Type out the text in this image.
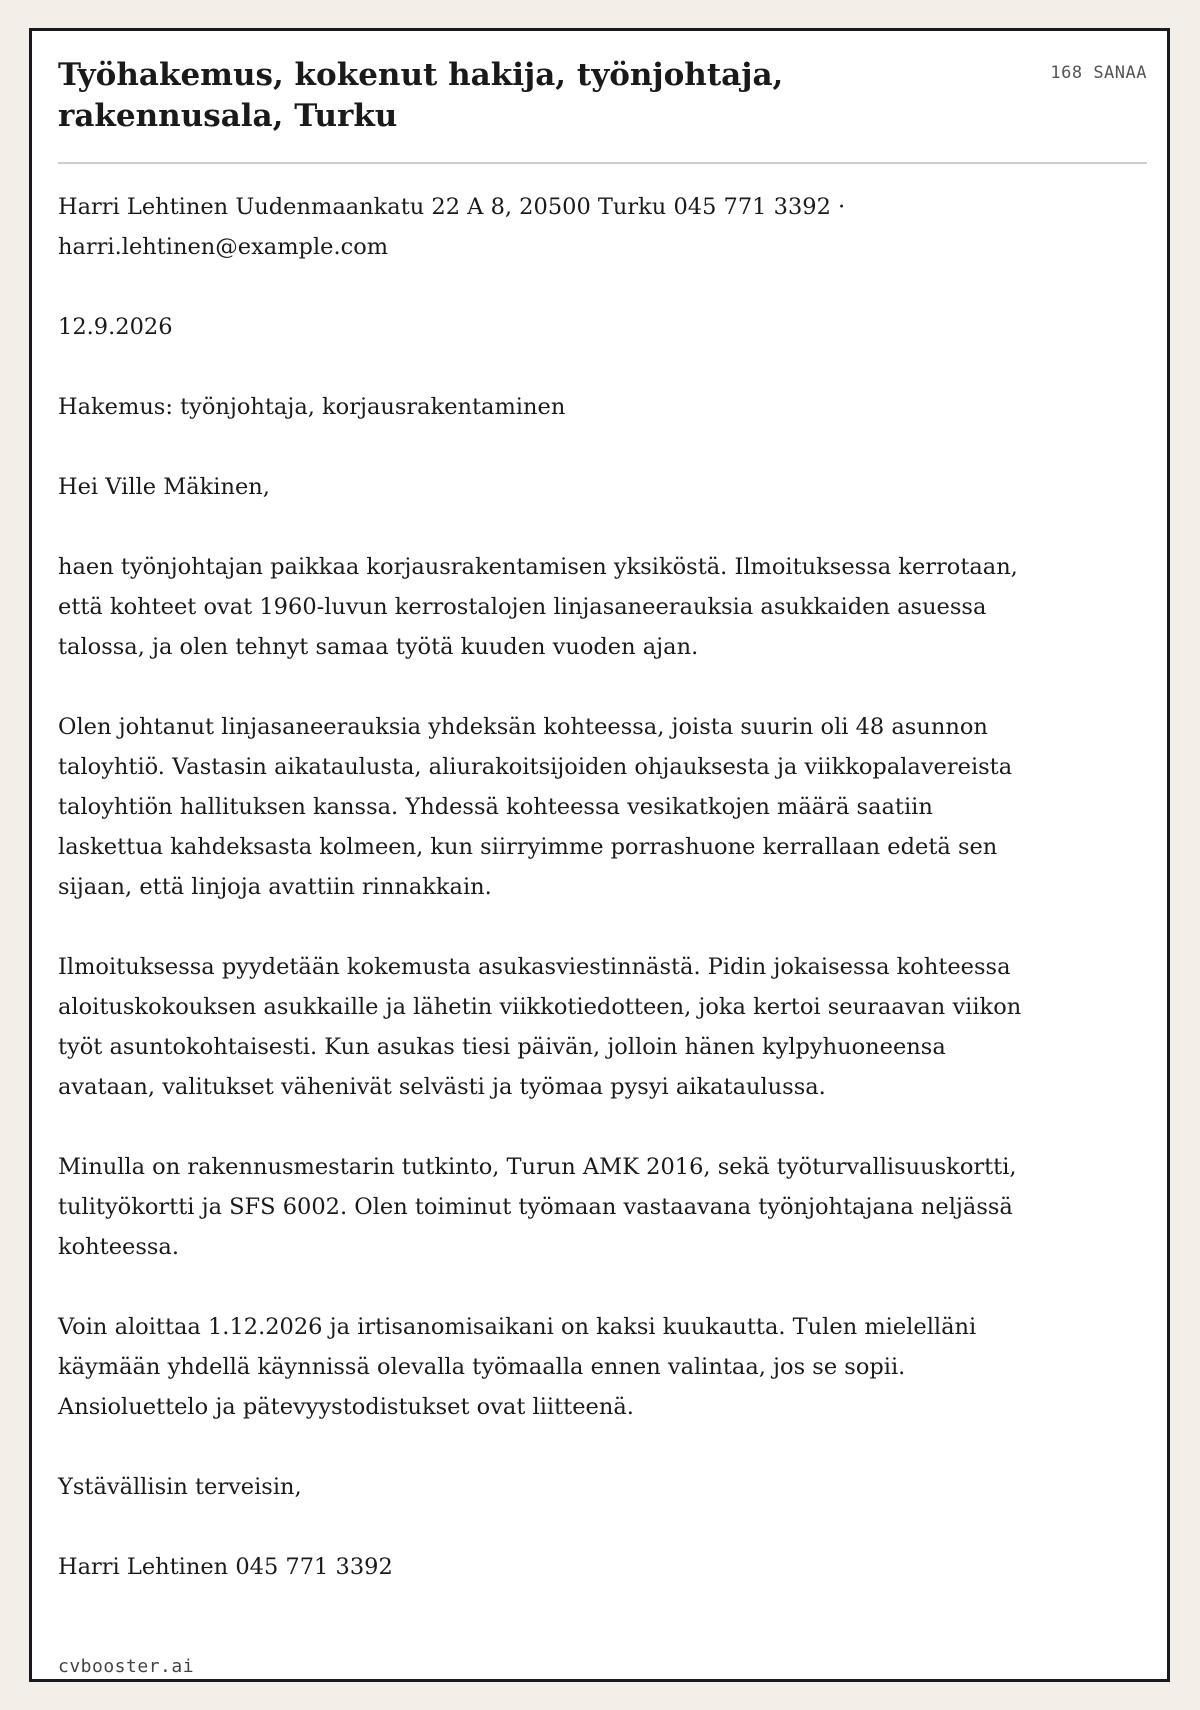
Työhakemus, kokenut hakija, työnjohtaja, rakennusala, Turku
168 SANAA

Harri Lehtinen Uudenmaankatu 22 A 8, 20500 Turku 045 771 3392 · harri.lehtinen@example.com

12.9.2026

Hakemus: työnjohtaja, korjausrakentaminen

Hei Ville Mäkinen,

haen työnjohtajan paikkaa korjausrakentamisen yksiköstä. Ilmoituksessa kerrotaan, että kohteet ovat 1960-luvun kerrostalojen linjasaneerauksia asukkaiden asuessa talossa, ja olen tehnyt samaa työtä kuuden vuoden ajan.

Olen johtanut linjasaneerauksia yhdeksän kohteessa, joista suurin oli 48 asunnon taloyhtiö. Vastasin aikataulusta, aliurakoitsijoiden ohjauksesta ja viikkopalavereista taloyhtiön hallituksen kanssa. Yhdessä kohteessa vesikatkojen määrä saatiin laskettua kahdeksasta kolmeen, kun siirryimme porrashuone kerrallaan edetä sen sijaan, että linjoja avattiin rinnakkain.

Ilmoituksessa pyydetään kokemusta asukasviestinnästä. Pidin jokaisessa kohteessa aloituskokouksen asukkaille ja lähetin viikkotiedotteen, joka kertoi seuraavan viikon työt asuntokohtaisesti. Kun asukas tiesi päivän, jolloin hänen kylpyhuoneensa avataan, valitukset vähenivät selvästi ja työmaa pysyi aikataulussa.

Minulla on rakennusmestarin tutkinto, Turun AMK 2016, sekä työturvallisuuskortti, tulityökortti ja SFS 6002. Olen toiminut työmaan vastaavana työnjohtajana neljässä kohteessa.

Voin aloittaa 1.12.2026 ja irtisanomisaikani on kaksi kuukautta. Tulen mielelläni käymään yhdellä käynnissä olevalla työmaalla ennen valintaa, jos se sopii. Ansioluettelo ja pätevyystodistukset ovat liitteenä.

Ystävällisin terveisin,

Harri Lehtinen 045 771 3392

cvbooster.ai
